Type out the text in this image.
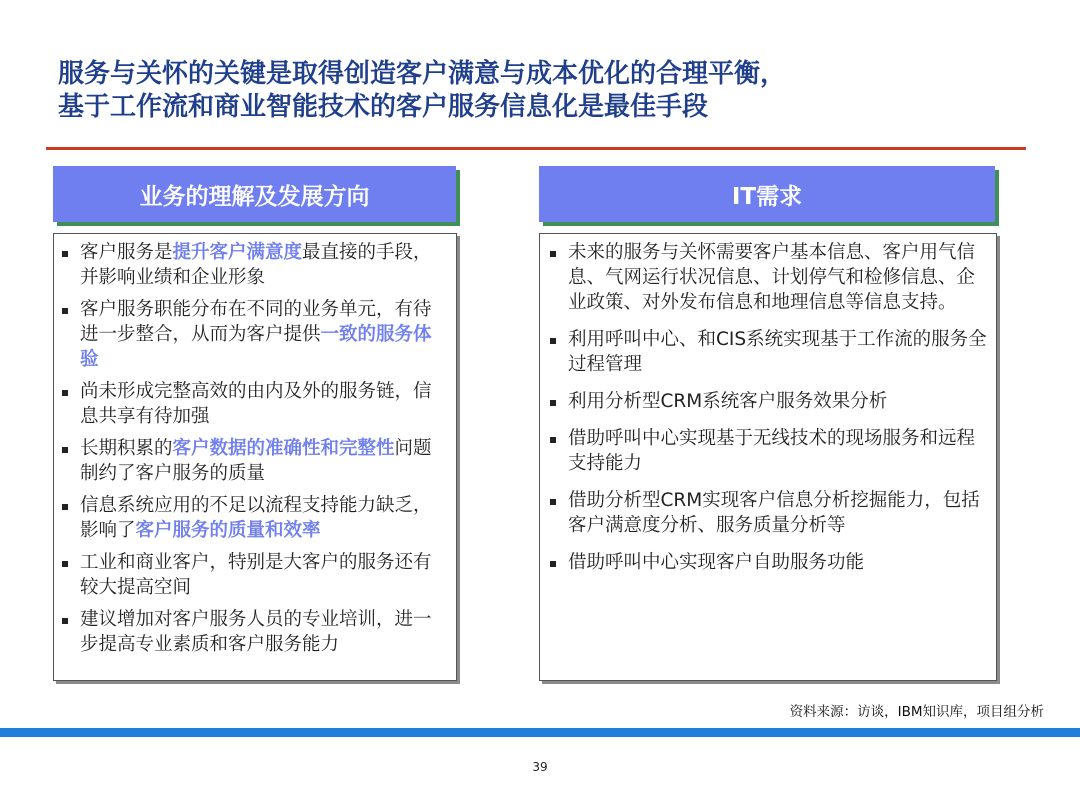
服务与关怀的关键是取得创造客户满意与成本优化的合理平衡，
基于工作流和商业智能技术的客户服务信息化是最佳手段
业务的理解及发展方向	IT需求
客户服务是提升客户满意度最直接的手段，并影响业绩和企业形象
客户服务职能分布在不同的业务单元，有待进一步整合，从而为客户提供一致的服务体验
尚未形成完整高效的由内及外的服务链，信息共享有待加强
长期积累的客户数据的准确性和完整性问题制约了客户服务的质量
信息系统应用的不足以流程支持能力缺乏，影响了客户服务的质量和效率
工业和商业客户，特别是大客户的服务还有较大提高空间
建议增加对客户服务人员的专业培训，进一步提高专业素质和客户服务能力
未来的服务与关怀需要客户基本信息、客户用气信息、气网运行状况信息、计划停气和检修信息、企业政策、对外发布信息和地理信息等信息支持。
利用呼叫中心、和CIS系统实现基于工作流的服务全过程管理
利用分析型CRM系统客户服务效果分析
借助呼叫中心实现基于无线技术的现场服务和远程支持能力
借助分析型CRM实现客户信息分析挖掘能力，包括客户满意度分析、服务质量分析等
借助呼叫中心实现客户自助服务功能
资料来源：访谈，IBM知识库，项目组分析
39
